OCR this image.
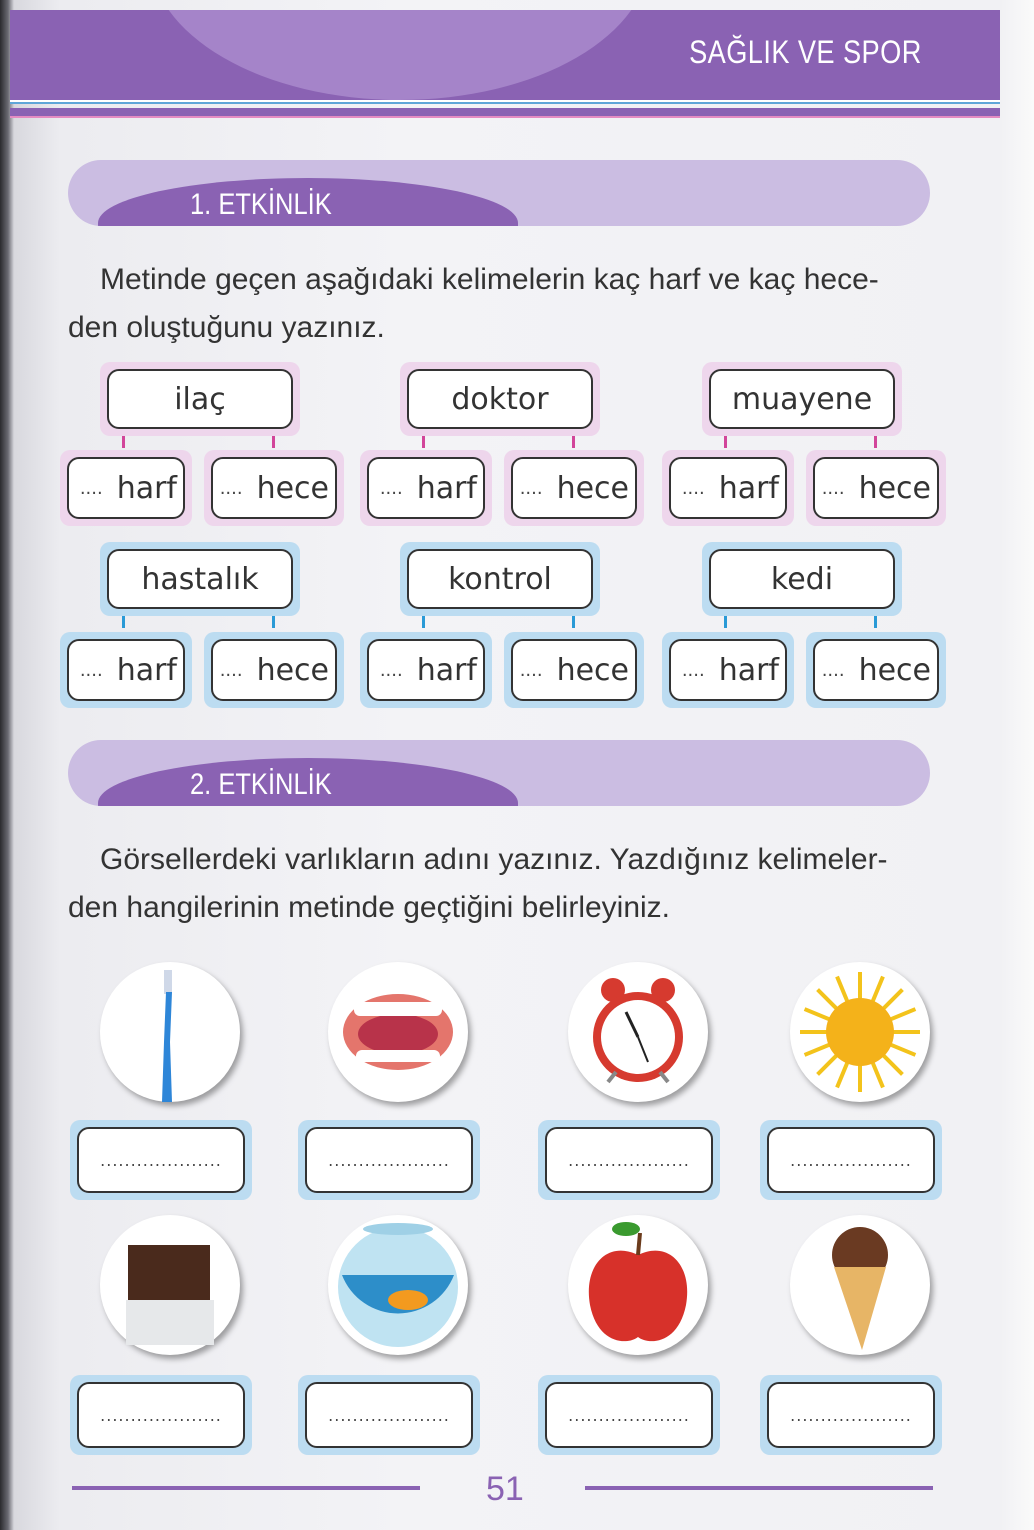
SAĞLIK VE SPOR
1. ETKİNLİK
Metinde geçen aşağıdaki kelimelerin kaç harf ve kaç hece-
den oluştuğunu yazınız.
ilaç
.... harf .... hece
doktor
.... harf .... hece
muayene
.... harf .... hece
hastalık
.... harf .... hece
kontrol
.... harf .... hece
kedi
.... harf .... hece
2. ETKİNLİK
Görsellerdeki varlıkların adını yazınız. Yazdığınız kelimeler-
den hangilerinin metinde geçtiğini belirleyiniz.
....................	....................	....................	....................
....................	....................	....................	....................
51
